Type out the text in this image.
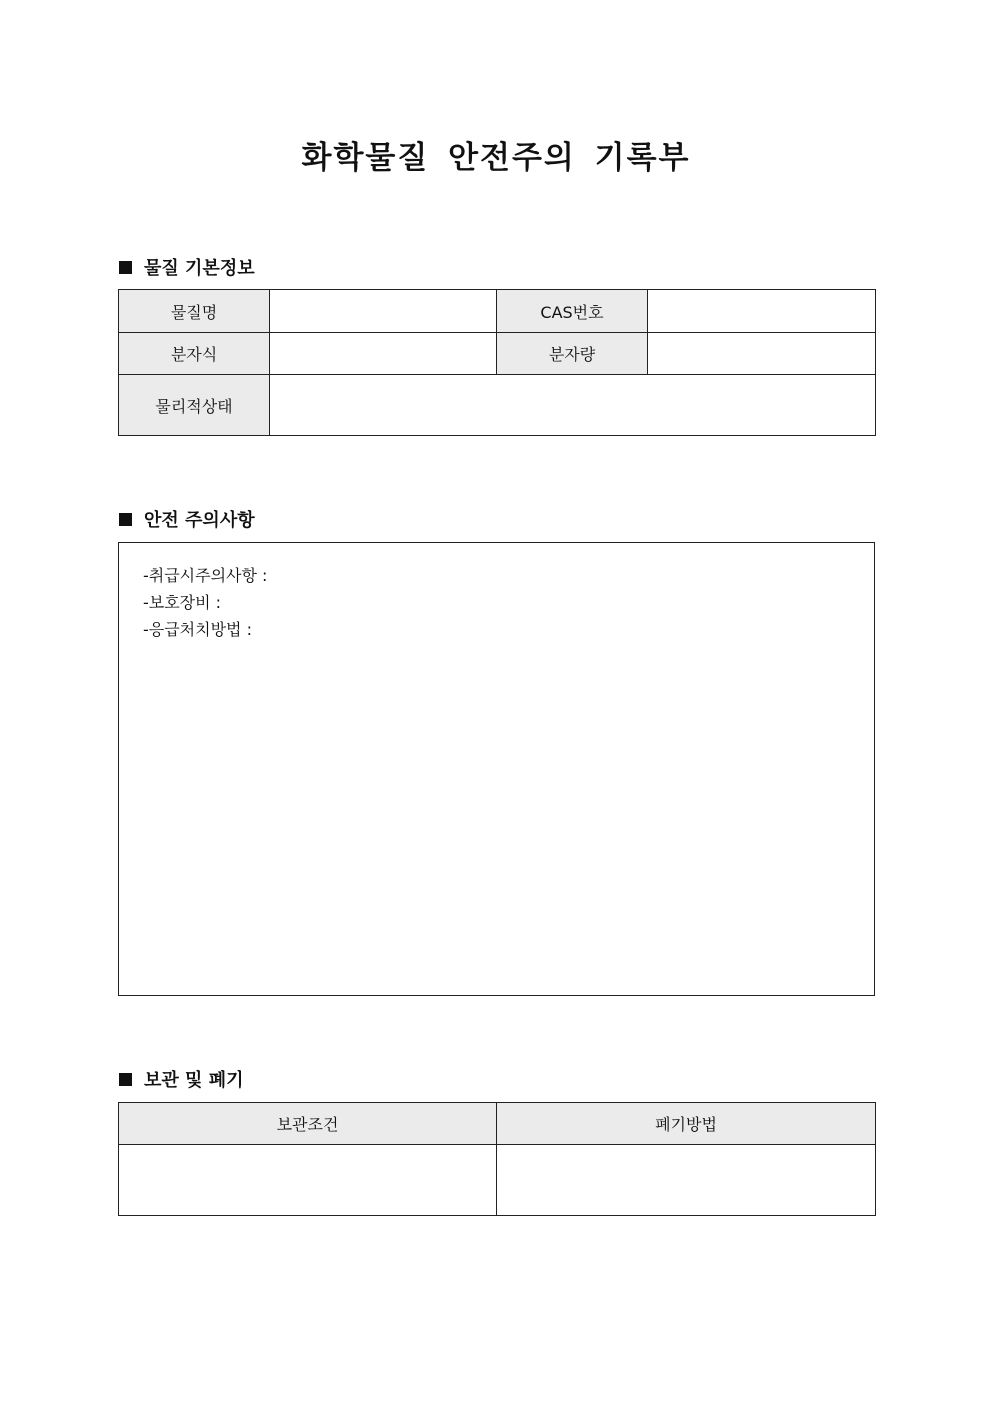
화학물질 안전주의 기록부
물질 기본정보
물질명		CAS번호	
분자식		분자량	
물리적상태			
안전 주의사항
-취급시주의사항 :
-보호장비 :
-응급처치방법 :
보관 및 폐기
보관조건	폐기방법
